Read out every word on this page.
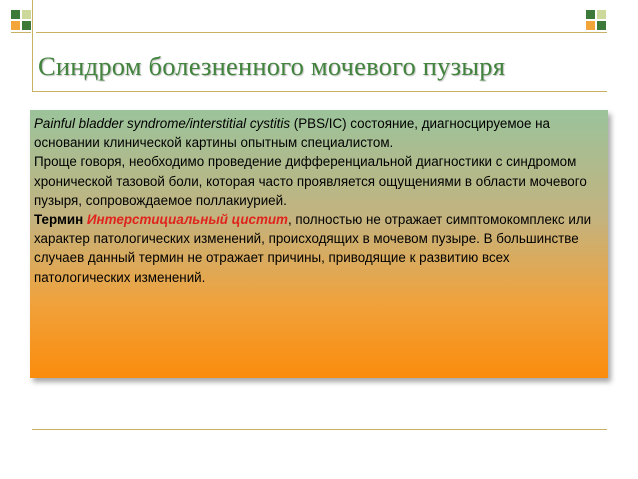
Синдром болезненного мочевого пузыря

Painful bladder syndrome/interstitial cystitis (PBS/IC) состояние, диагносцируемое на основании клинической картины опытным специалистом.

Проще говоря, необходимо проведение дифференциальной диагностики с синдромом хронической тазовой боли, которая часто проявляется ощущениями в области мочевого пузыря, сопровождаемое поллакиурией.

Термин Интерстициальный цистит, полностью не отражает симптомокомплекс или характер патологических изменений, происходящих в мочевом пузыре. В большинстве случаев данный термин не отражает причины, приводящие к развитию всех патологических изменений.
